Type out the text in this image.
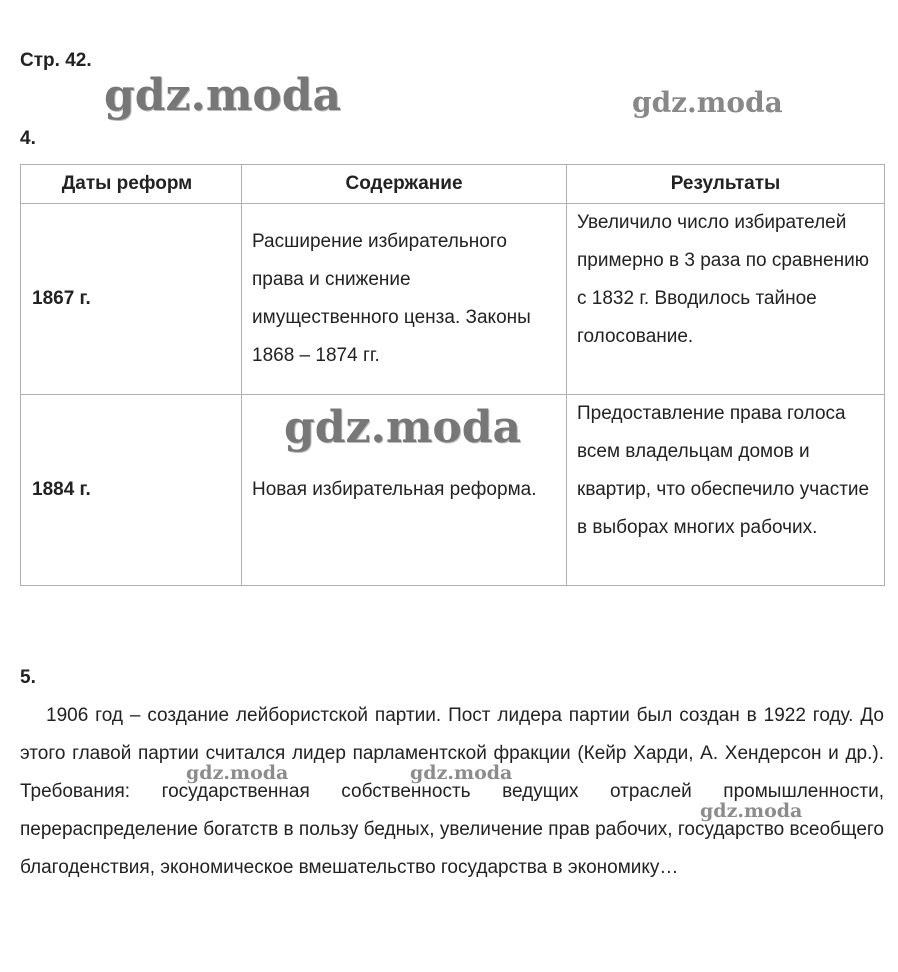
Стр. 42.
4.
Даты реформ	Содержание	Результаты
1867 г.	Расширение избирательного права и снижение имущественного ценза. Законы 1868 – 1874 гг.	Увеличило число избирателей примерно в 3 раза по сравнению с 1832 г. Вводилось тайное голосование.
1884 г.	Новая избирательная реформа.	Предоставление права голоса всем владельцам домов и квартир, что обеспечило участие в выборах многих рабочих.
5.

1906 год – создание лейбористской партии. Пост лидера партии был создан в 1922 году. До этого главой партии считался лидер парламентской фракции (Кейр Харди, А. Хендерсон и др.). Требования: государственная собственность ведущих отраслей промышленности, перераспределение богатств в пользу бедных, увеличение прав рабочих, государство всеобщего благоденствия, экономическое вмешательство государства в экономику…

gdz.moda	gdz.moda
gdz.moda
gdz.moda	gdz.moda
gdz.moda
